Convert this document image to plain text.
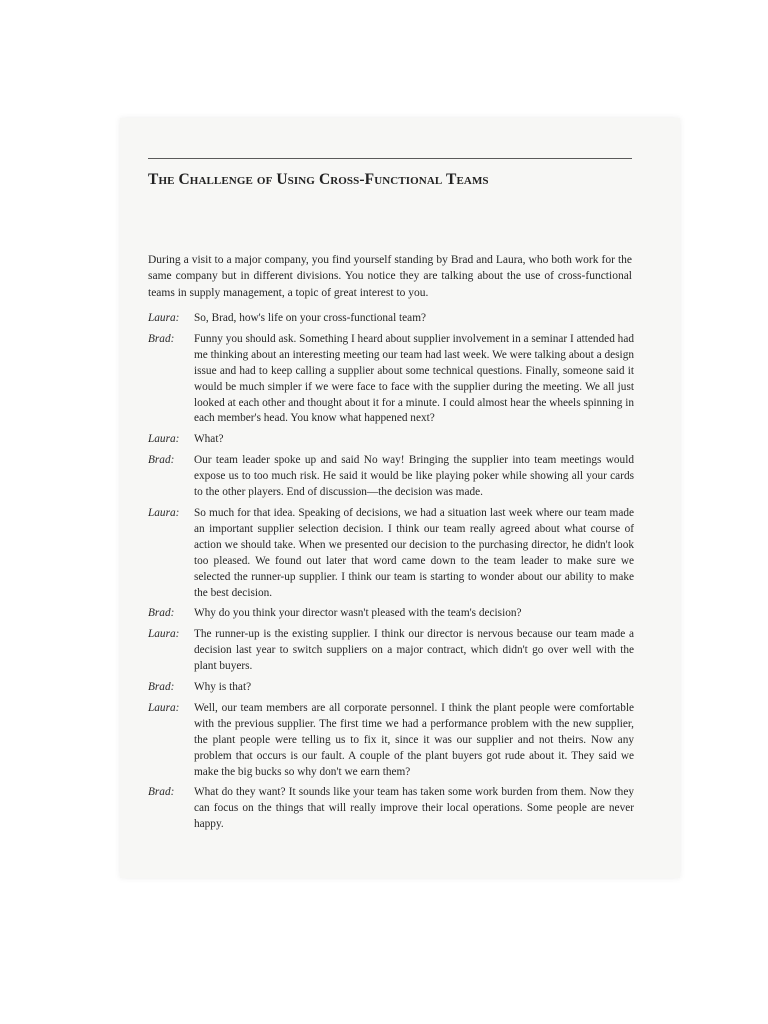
The Challenge of Using Cross-Functional Teams

During a visit to a major company, you find yourself standing by Brad and Laura, who both work for the same company but in different divisions. You notice they are talking about the use of cross-functional teams in supply management, a topic of great interest to you.

Laura:	So, Brad, how's life on your cross-functional team?
Brad:	Funny you should ask. Something I heard about supplier involvement in a seminar I attended had me thinking about an interesting meeting our team had last week. We were talking about a design issue and had to keep calling a supplier about some technical questions. Finally, someone said it would be much simpler if we were face to face with the supplier during the meeting. We all just looked at each other and thought about it for a minute. I could almost hear the wheels spinning in each member's head. You know what happened next?
Laura:	What?
Brad:	Our team leader spoke up and said No way! Bringing the supplier into team meetings would expose us to too much risk. He said it would be like playing poker while showing all your cards to the other players. End of discussion—the decision was made.
Laura:	So much for that idea. Speaking of decisions, we had a situation last week where our team made an important supplier selection decision. I think our team really agreed about what course of action we should take. When we presented our decision to the purchasing director, he didn't look too pleased. We found out later that word came down to the team leader to make sure we selected the runner-up supplier. I think our team is starting to wonder about our ability to make the best decision.
Brad:	Why do you think your director wasn't pleased with the team's decision?
Laura:	The runner-up is the existing supplier. I think our director is nervous because our team made a decision last year to switch suppliers on a major contract, which didn't go over well with the plant buyers.
Brad:	Why is that?
Laura:	Well, our team members are all corporate personnel. I think the plant people were comfortable with the previous supplier. The first time we had a performance problem with the new supplier, the plant people were telling us to fix it, since it was our supplier and not theirs. Now any problem that occurs is our fault. A couple of the plant buyers got rude about it. They said we make the big bucks so why don't we earn them?
Brad:	What do they want? It sounds like your team has taken some work burden from them. Now they can focus on the things that will really improve their local operations. Some people are never happy.
